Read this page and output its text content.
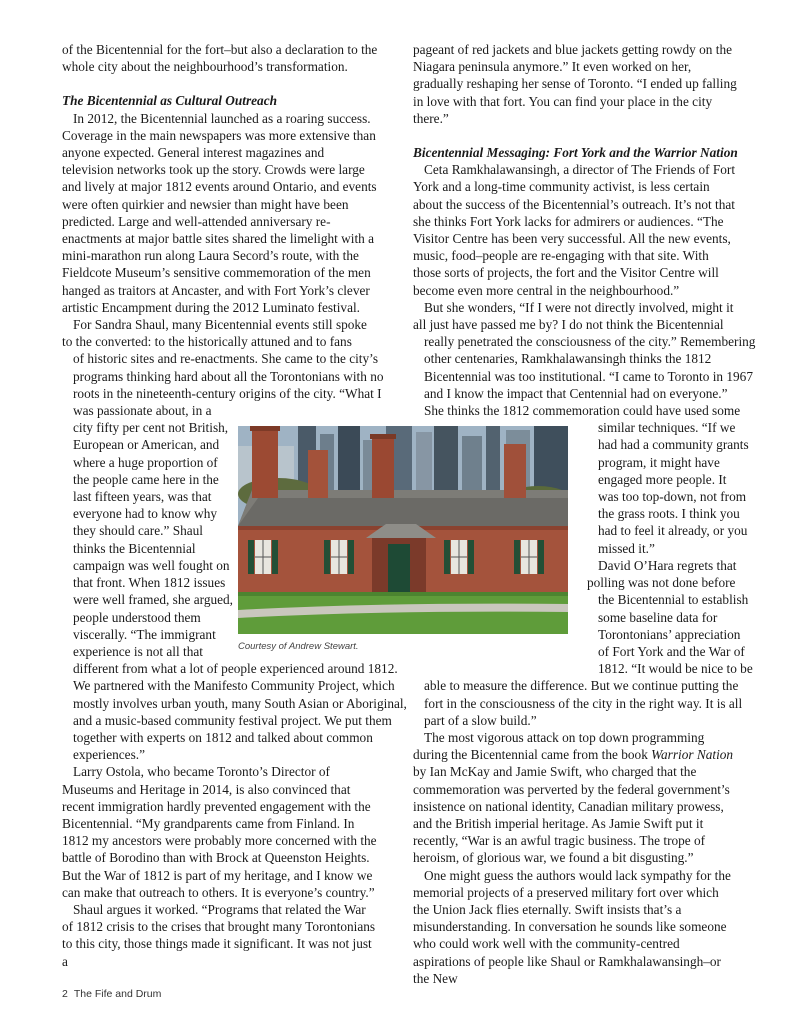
of the Bicentennial for the fort–but also a declaration to the whole city about the neighbourhood’s transformation.

The Bicentennial as Cultural Outreach

In 2012, the Bicentennial launched as a roaring success. Coverage in the main newspapers was more extensive than anyone expected. General interest magazines and television networks took up the story. Crowds were large and lively at major 1812 events around Ontario, and events were often quirkier and newsier than might have been predicted. Large and well-attended anniversary re-enactments at major battle sites shared the limelight with a mini-marathon run along Laura Secord’s route, with the Fieldcote Museum’s sensitive commemoration of the men hanged as traitors at Ancaster, and with Fort York’s clever artistic Encampment during the 2012 Luminato festival.

For Sandra Shaul, many Bicentennial events still spoke
to the converted: to the historically attuned and to fans
of historic sites and re-enactments. She came to the city’s
programs thinking hard about all the Torontonians with no
roots in the nineteenth-century origins of the city. “What I
was passionate about, in a
city fifty per cent not British,
European or American, and
where a huge proportion of
the people came here in the
last fifteen years, was that
everyone had to know why
they should care.” Shaul
thinks the Bicentennial
campaign was well fought on
that front. When 1812 issues
were well framed, she argued,
people understood them
viscerally. “The immigrant
experience is not all that
different from what a lot of people experienced around 1812.
We partnered with the Manifesto Community Project, which
mostly involves urban youth, many South Asian or Aboriginal,
and a music-based community festival project. We put them
together with experts on 1812 and talked about common
experiences.”

Larry Ostola, who became Toronto’s Director of Museums and Heritage in 2014, is also convinced that recent immigration hardly prevented engagement with the Bicentennial. “My grandparents came from Finland. In 1812 my ancestors were probably more concerned with the battle of Borodino than with Brock at Queenston Heights. But the War of 1812 is part of my heritage, and I know we can make that outreach to others. It is everyone’s country.”

Shaul argues it worked. “Programs that related the War of 1812 crisis to the crises that brought many Torontonians to this city, those things made it significant. It was not just a

pageant of red jackets and blue jackets getting rowdy on the Niagara peninsula anymore.” It even worked on her, gradually reshaping her sense of Toronto. “I ended up falling in love with that fort. You can find your place in the city there.”

Bicentennial Messaging: Fort York and the Warrior Nation

Ceta Ramkhalawansingh, a director of The Friends of Fort York and a long-time community activist, is less certain about the success of the Bicentennial’s outreach. It’s not that she thinks Fort York lacks for admirers or audiences. “The Visitor Centre has been very successful. All the new events, music, food–people are re-engaging with that site. With those sorts of projects, the fort and the Visitor Centre will become even more central in the neighbourhood.”

But she wonders, “If I were not directly involved, might it
all just have passed me by? I do not think the Bicentennial
really penetrated the consciousness of the city.” Remembering
other centenaries, Ramkhalawansingh thinks the 1812
Bicentennial was too institutional. “I came to Toronto in 1967
and I know the impact that Centennial had on everyone.”
She thinks the 1812 commemoration could have used some
similar techniques. “If we
had had a community grants
program, it might have
engaged more people. It
was too top-down, not from
the grass roots. I think you
had to feel it already, or you
missed it.”

David O’Hara regrets that
polling was not done before
the Bicentennial to establish
some baseline data for
Torontonians’ appreciation
of Fort York and the War of
1812. “It would be nice to be
able to measure the difference. But we continue putting the
fort in the consciousness of the city in the right way. It is all
part of a slow build.”

The most vigorous attack on top down programming during the Bicentennial came from the book Warrior Nation by Ian McKay and Jamie Swift, who charged that the commemoration was perverted by the federal government’s insistence on national identity, Canadian military prowess, and the British imperial heritage. As Jamie Swift put it recently, “War is an awful tragic business. The trope of heroism, of glorious war, we found a bit disgusting.”

One might guess the authors would lack sympathy for the memorial projects of a preserved military fort over which the Union Jack flies eternally. Swift insists that’s a misunderstanding. In conversation he sounds like someone who could work well with the community-centred aspirations of people like Shaul or Ramkhalawansingh–or the New

Courtesy of Andrew Stewart.
2 The Fife and Drum
